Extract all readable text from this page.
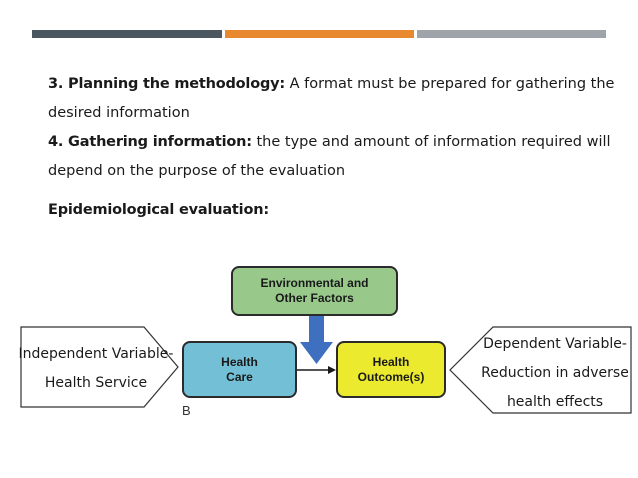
3. Planning the methodology: A format must be prepared for gathering the
desired information
4. Gathering information: the type and amount of information required will
depend on the purpose of the evaluation
Epidemiological evaluation:
Environmental and
Other Factors
Health
Care
Health
Outcome(s)
B
Independent Variable-
Health Service
Dependent Variable-
Reduction in adverse
health effects
